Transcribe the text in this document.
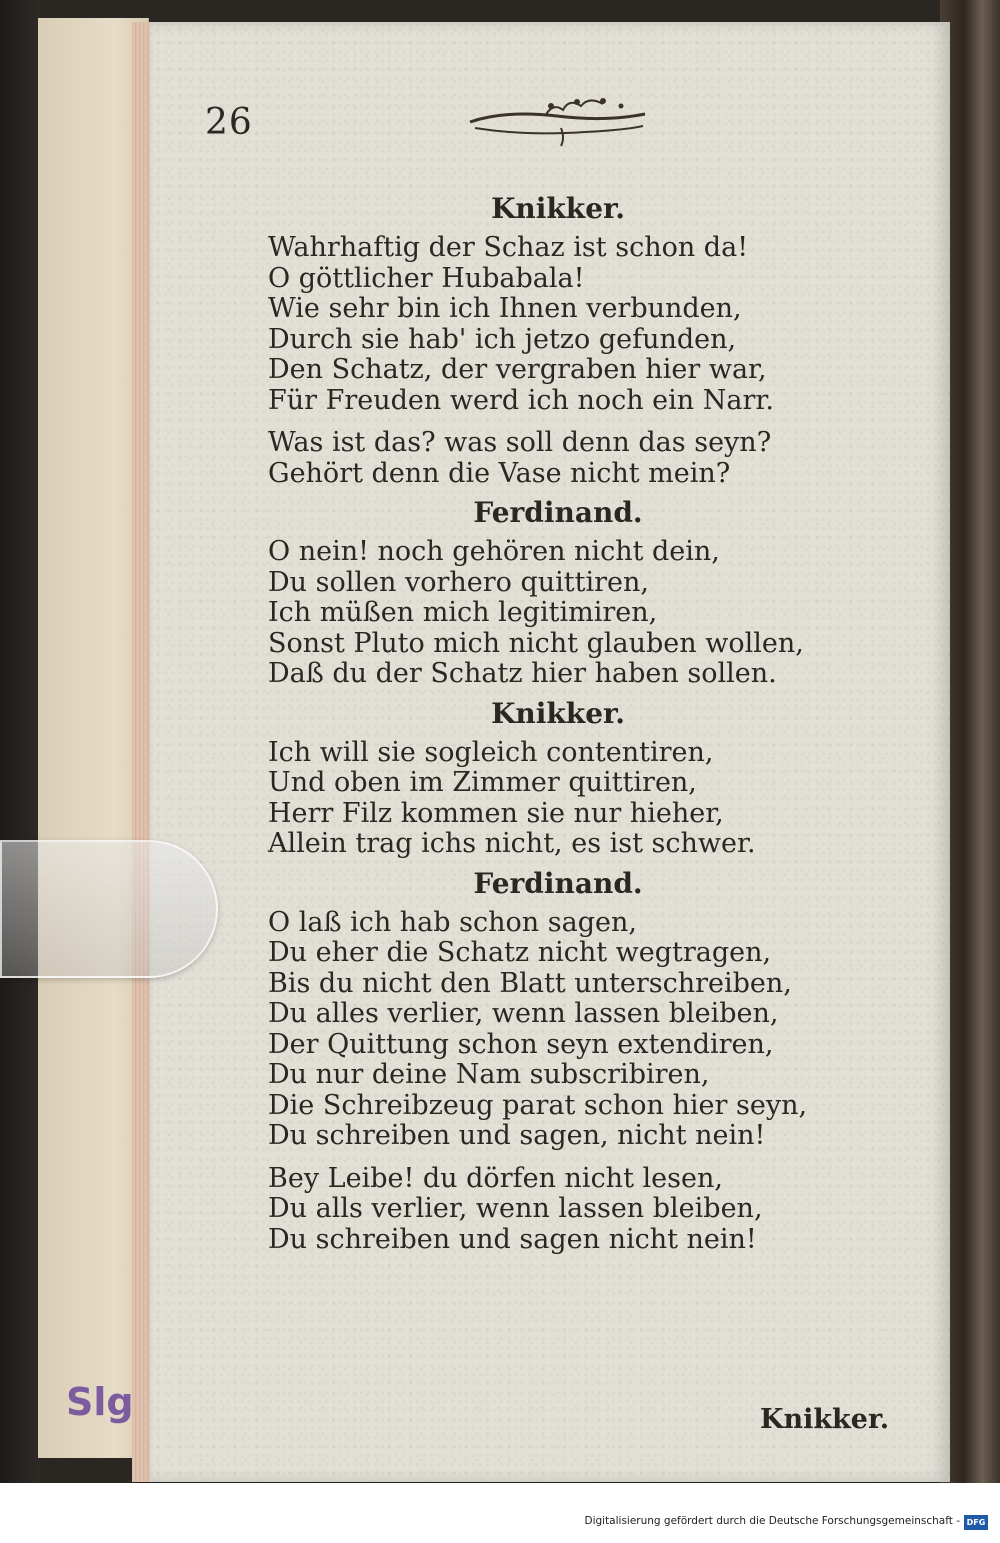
26
Knikker.
Wahrhaftig der Schaz ist schon da!
O göttlicher Hubabala!
Wie sehr bin ich Ihnen verbunden,
Durch sie hab' ich jetzo gefunden,
Den Schatz, der vergraben hier war,
Für Freuden werd ich noch ein Narr.
Was ist das? was soll denn das seyn?
Gehört denn die Vase nicht mein?
Ferdinand.
O nein! noch gehören nicht dein,
Du sollen vorhero quittiren,
Ich müßen mich legitimiren,
Sonst Pluto mich nicht glauben wollen,
Daß du der Schatz hier haben sollen.
Knikker.
Ich will sie sogleich contentiren,
Und oben im Zimmer quittiren,
Herr Filz kommen sie nur hieher,
Allein trag ichs nicht, es ist schwer.
Ferdinand.
O laß ich hab schon sagen,
Du eher die Schatz nicht wegtragen,
Bis du nicht den Blatt unterschreiben,
Du alles verlier, wenn lassen bleiben,
Der Quittung schon seyn extendiren,
Du nur deine Nam subscribiren,
Die Schreibzeug parat schon hier seyn,
Du schreiben und sagen, nicht nein!
Bey Leibe! du dörfen nicht lesen,
Du alls verlier, wenn lassen bleiben,
Du schreiben und sagen nicht nein!
Knikker.
Slg
Digitalisierung gefördert durch die Deutsche Forschungsgemeinschaft - DFG
